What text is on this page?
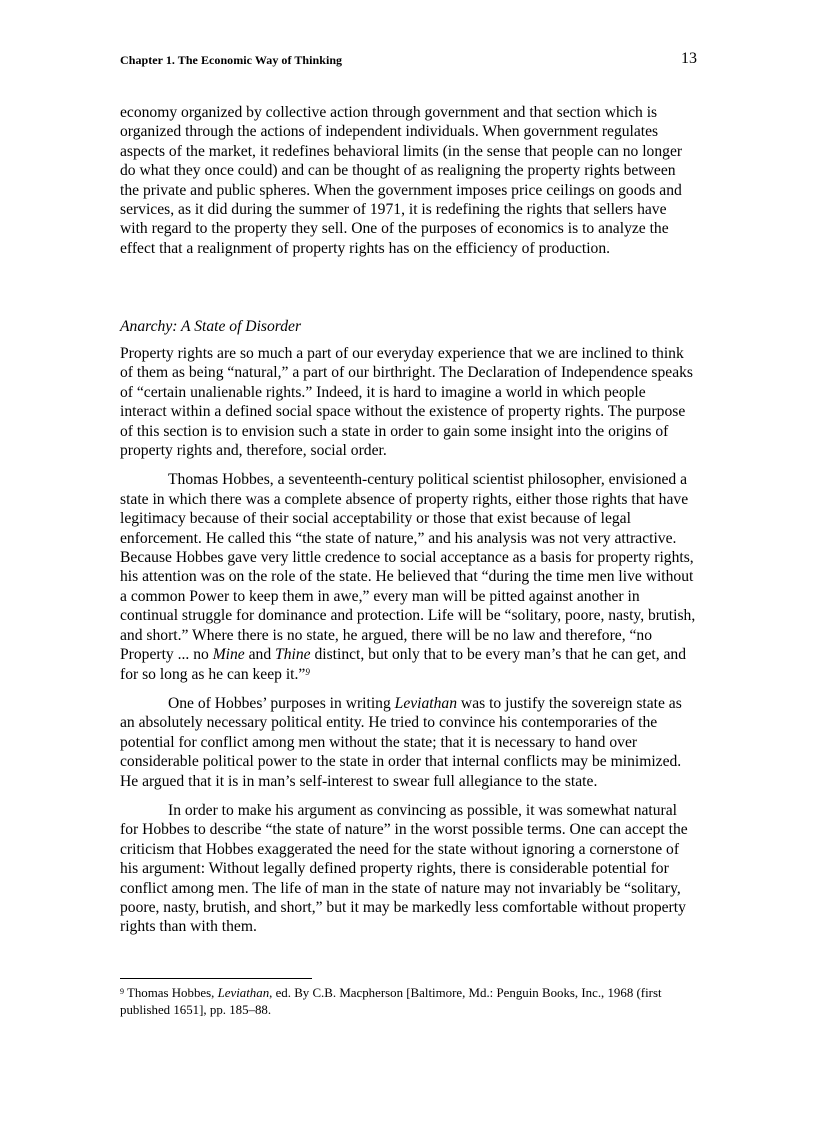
Chapter 1. The Economic Way of Thinking	13

economy organized by collective action through government and that section which is organized through the actions of independent individuals. When government regulates aspects of the market, it redefines behavioral limits (in the sense that people can no longer do what they once could) and can be thought of as realigning the property rights between the private and public spheres. When the government imposes price ceilings on goods and services, as it did during the summer of 1971, it is redefining the rights that sellers have with regard to the property they sell. One of the purposes of economics is to analyze the effect that a realignment of property rights has on the efficiency of production.

Anarchy: A State of Disorder

Property rights are so much a part of our everyday experience that we are inclined to think of them as being “natural,” a part of our birthright. The Declaration of Independence speaks of “certain unalienable rights.” Indeed, it is hard to imagine a world in which people interact within a defined social space without the existence of property rights. The purpose of this section is to envision such a state in order to gain some insight into the origins of property rights and, therefore, social order.

Thomas Hobbes, a seventeenth-century political scientist philosopher, envisioned a state in which there was a complete absence of property rights, either those rights that have legitimacy because of their social acceptability or those that exist because of legal enforcement. He called this “the state of nature,” and his analysis was not very attractive. Because Hobbes gave very little credence to social acceptance as a basis for property rights, his attention was on the role of the state. He believed that “during the time men live without a common Power to keep them in awe,” every man will be pitted against another in continual struggle for dominance and protection. Life will be “solitary, poore, nasty, brutish, and short.” Where there is no state, he argued, there will be no law and therefore, “no Property ... no Mine and Thine distinct, but only that to be every man’s that he can get, and for so long as he can keep it.”$^9$

One of Hobbes’ purposes in writing Leviathan was to justify the sovereign state as an absolutely necessary political entity. He tried to convince his contemporaries of the potential for conflict among men without the state; that it is necessary to hand over considerable political power to the state in order that internal conflicts may be minimized. He argued that it is in man’s self-interest to swear full allegiance to the state.

In order to make his argument as convincing as possible, it was somewhat natural for Hobbes to describe “the state of nature” in the worst possible terms. One can accept the criticism that Hobbes exaggerated the need for the state without ignoring a cornerstone of his argument: Without legally defined property rights, there is considerable potential for conflict among men. The life of man in the state of nature may not invariably be “solitary, poore, nasty, brutish, and short,” but it may be markedly less comfortable without property rights than with them.

$^9$ Thomas Hobbes, Leviathan, ed. By C.B. Macpherson [Baltimore, Md.: Penguin Books, Inc., 1968 (first published 1651], pp. 185–88.
